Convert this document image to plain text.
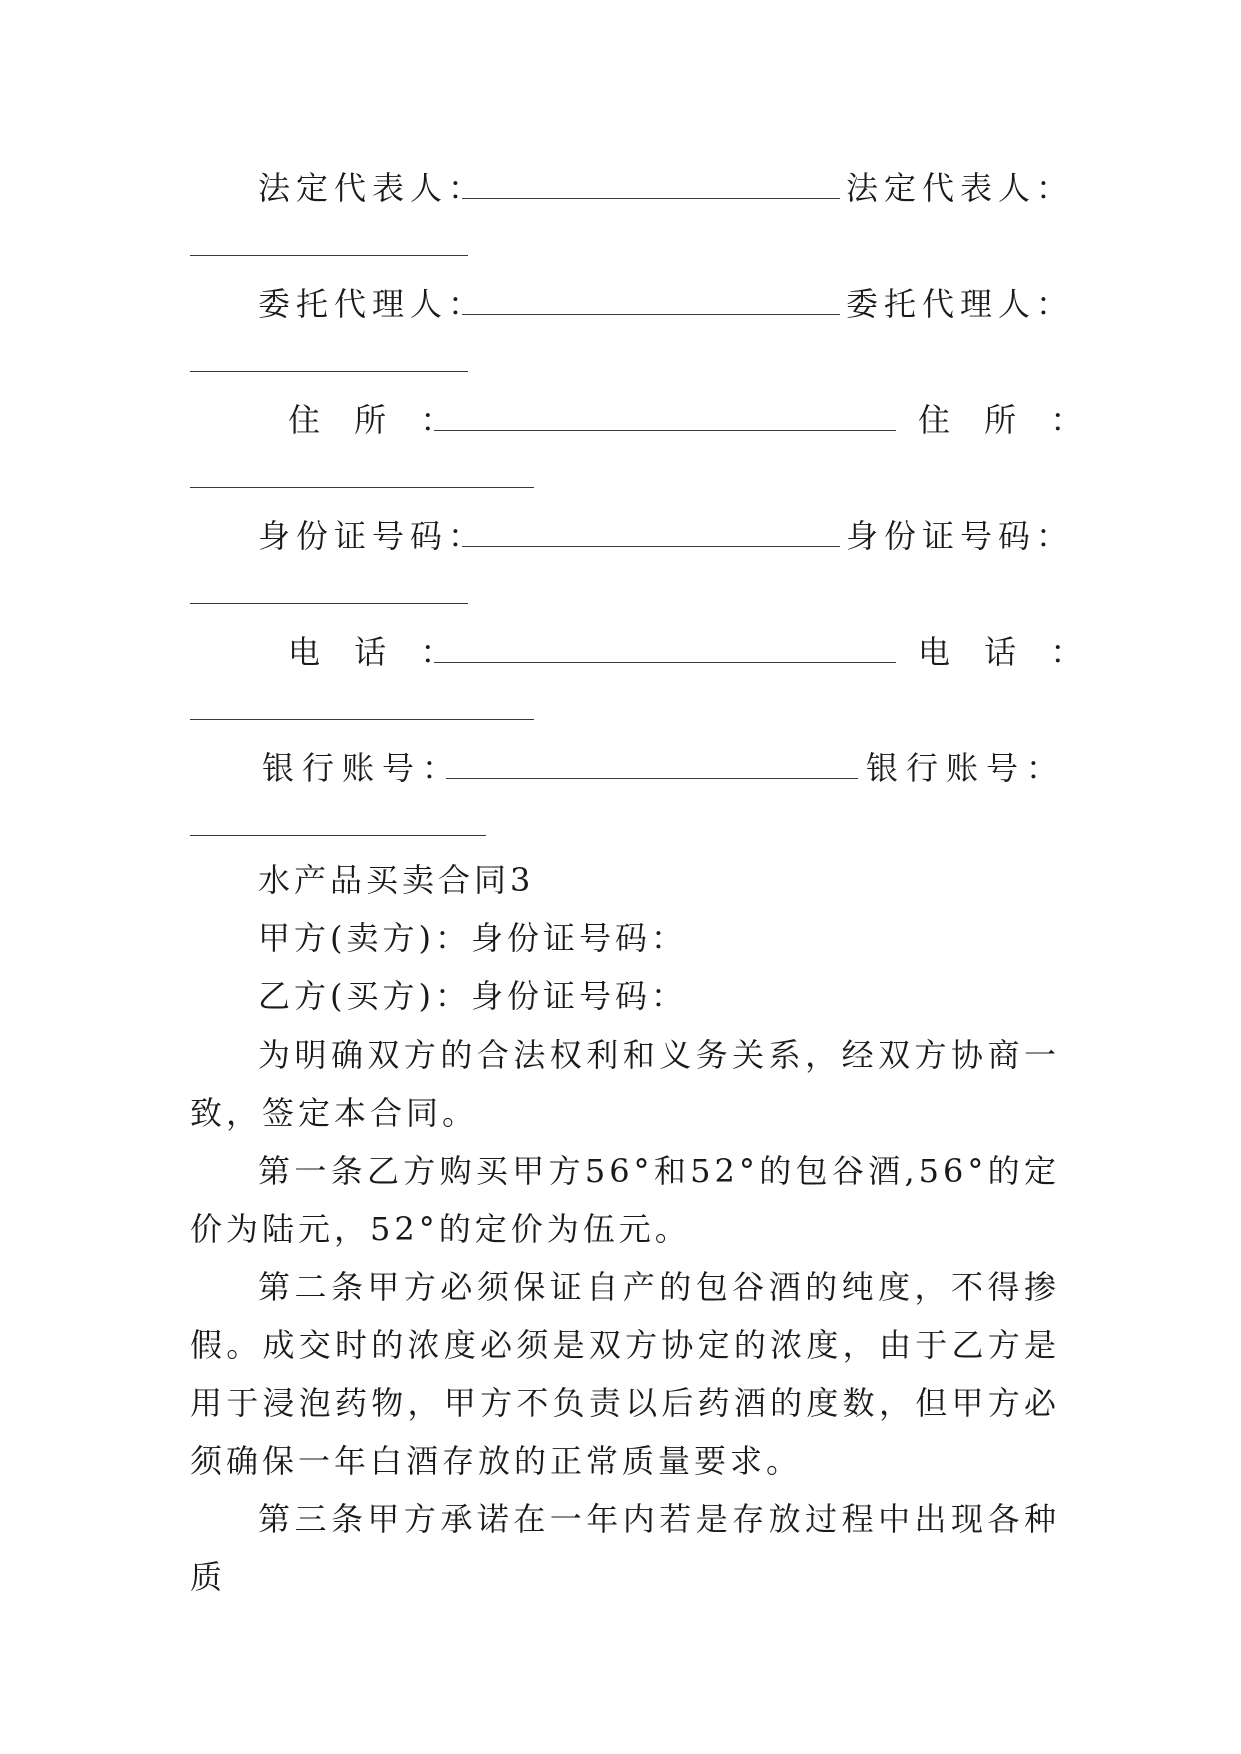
法定代表人：	法定代表人：
委托代理人：	委托代理人：
住 所 ：	住 所 ：
身份证号码：	身份证号码：
电 话 ：	电 话 ：
银行账号：	银行账号：
水产品买卖合同3
甲方(卖方)：身份证号码：
乙方(买方)：身份证号码：

为明确双方的合法权利和义务关系，经双方协商一致，签定本合同。

第一条乙方购买甲方56°和52°的包谷酒,56°的定价为陆元，52°的定价为伍元。

第二条甲方必须保证自产的包谷酒的纯度，不得掺假。成交时的浓度必须是双方协定的浓度，由于乙方是用于浸泡药物，甲方不负责以后药酒的度数，但甲方必须确保一年白酒存放的正常质量要求。

第三条甲方承诺在一年内若是存放过程中出现各种质
